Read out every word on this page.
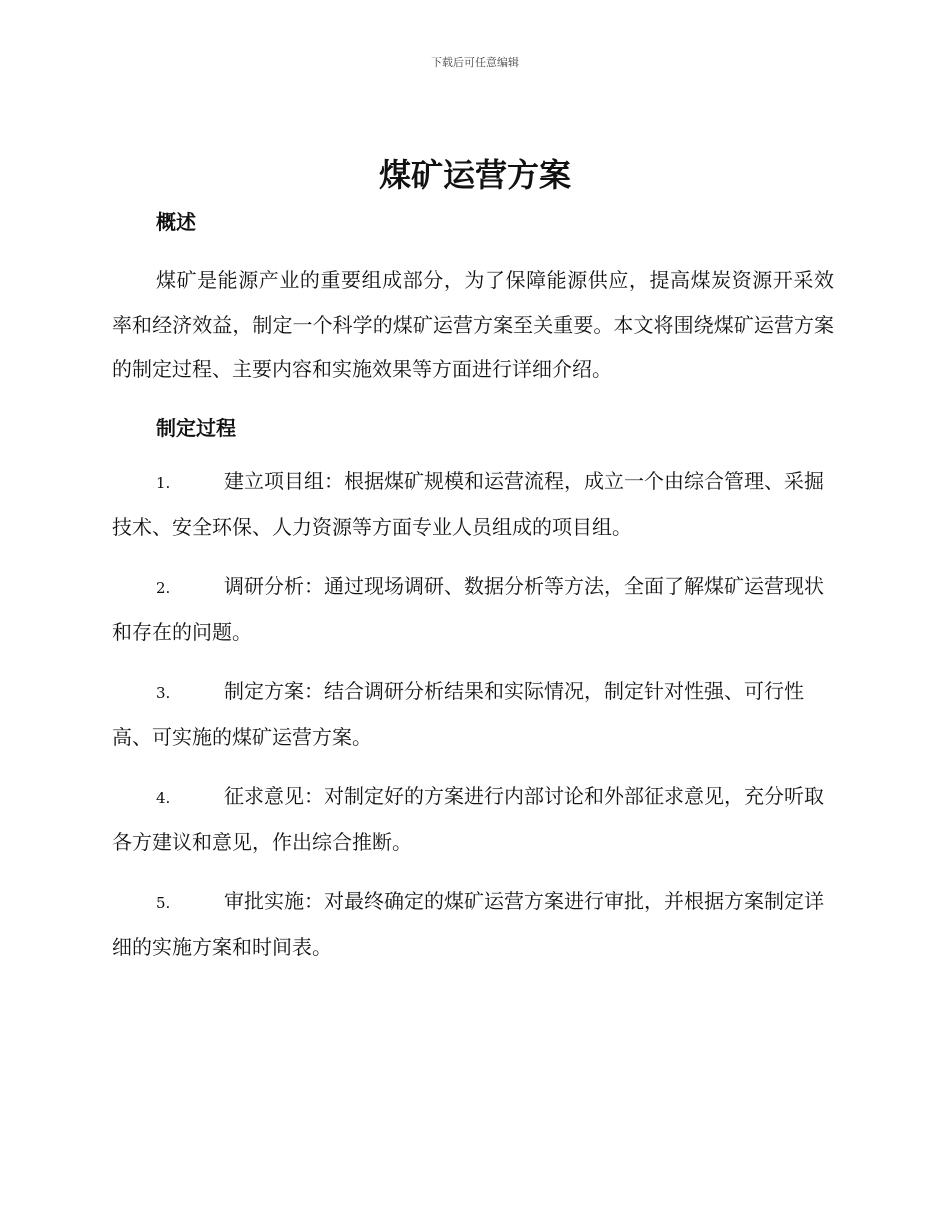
下载后可任意编辑
煤矿运营方案
概述

煤矿是能源产业的重要组成部分，为了保障能源供应，提高煤炭资源开采效率和经济效益，制定一个科学的煤矿运营方案至关重要。本文将围绕煤矿运营方案的制定过程、主要内容和实施效果等方面进行详细介绍。

制定过程
1.	建立项目组：根据煤矿规模和运营流程，成立一个由综合管理、采掘技术、安全环保、人力资源等方面专业人员组成的项目组。
2.	调研分析：通过现场调研、数据分析等方法，全面了解煤矿运营现状和存在的问题。
3.	制定方案：结合调研分析结果和实际情况，制定针对性强、可行性高、可实施的煤矿运营方案。
4.	征求意见：对制定好的方案进行内部讨论和外部征求意见，充分听取各方建议和意见，作出综合推断。
5.	审批实施：对最终确定的煤矿运营方案进行审批，并根据方案制定详细的实施方案和时间表。
